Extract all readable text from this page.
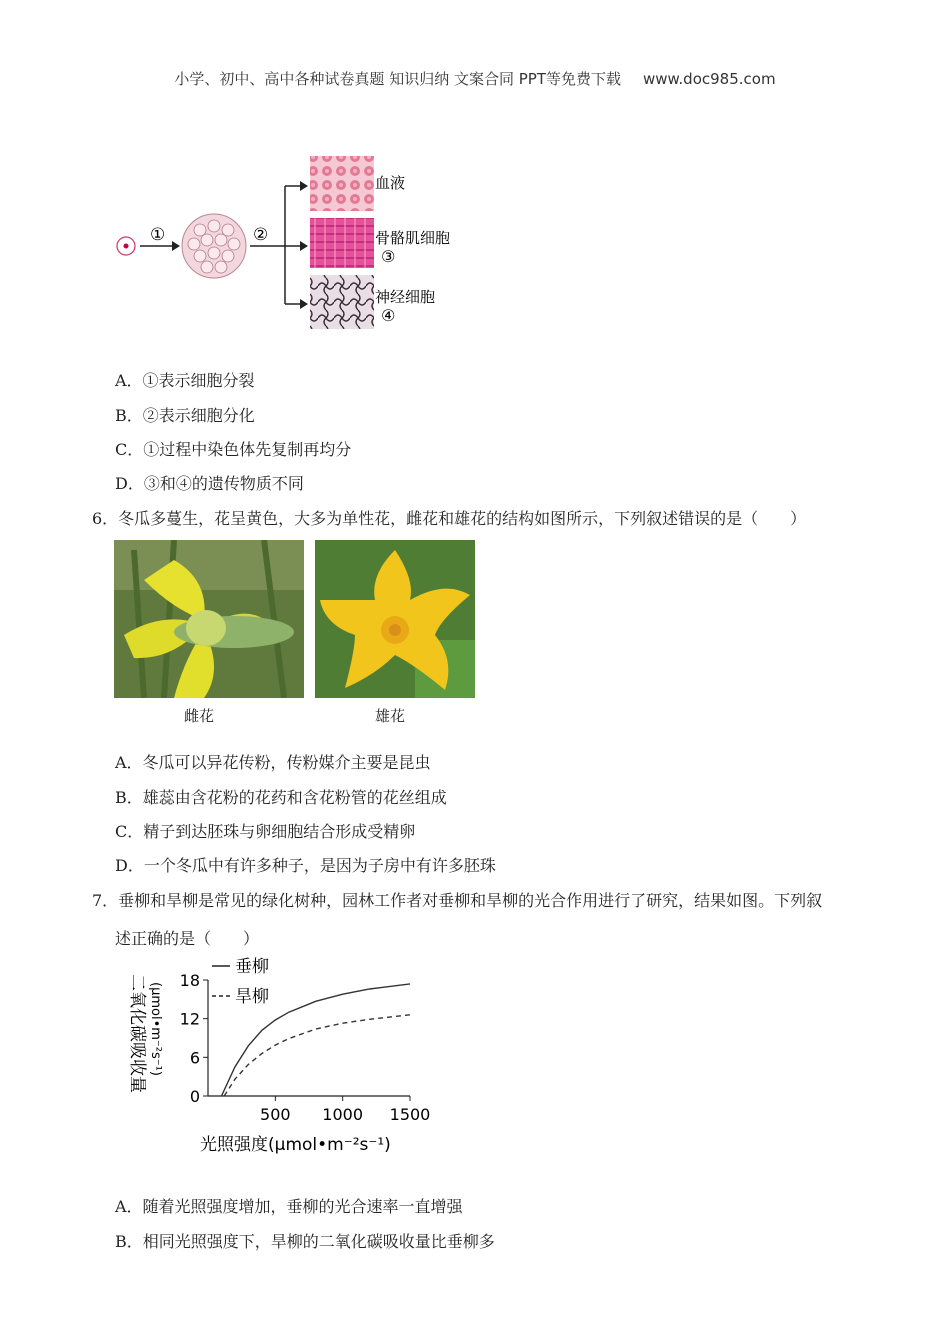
小学、初中、高中各种试卷真题 知识归纳 文案合同 PPT等免费下载 www.doc985.com
①	②
血液
骨骼肌细胞
③
神经细胞
④
A．①表示细胞分裂
B．②表示细胞分化
C．①过程中染色体先复制再均分
D．③和④的遗传物质不同
6．冬瓜多蔓生，花呈黄色，大多为单性花，雌花和雄花的结构如图所示，下列叙述错误的是（　　）
雌花	雄花
A．冬瓜可以异花传粉，传粉媒介主要是昆虫
B．雄蕊由含花粉的花药和含花粉管的花丝组成
C．精子到达胚珠与卵细胞结合形成受精卵
D．一个冬瓜中有许多种子，是因为子房中有许多胚珠
7．垂柳和旱柳是常见的绿化树种，园林工作者对垂柳和旱柳的光合作用进行了研究，结果如图。下列叙
述正确的是（　　）
二氧化碳吸收量 (μmol•m⁻²s⁻¹)
0
6
12
18
500 1000 1500
垂柳
旱柳
光照强度(μmol•m⁻²s⁻¹)
A．随着光照强度增加，垂柳的光合速率一直增强
B．相同光照强度下，旱柳的二氧化碳吸收量比垂柳多
